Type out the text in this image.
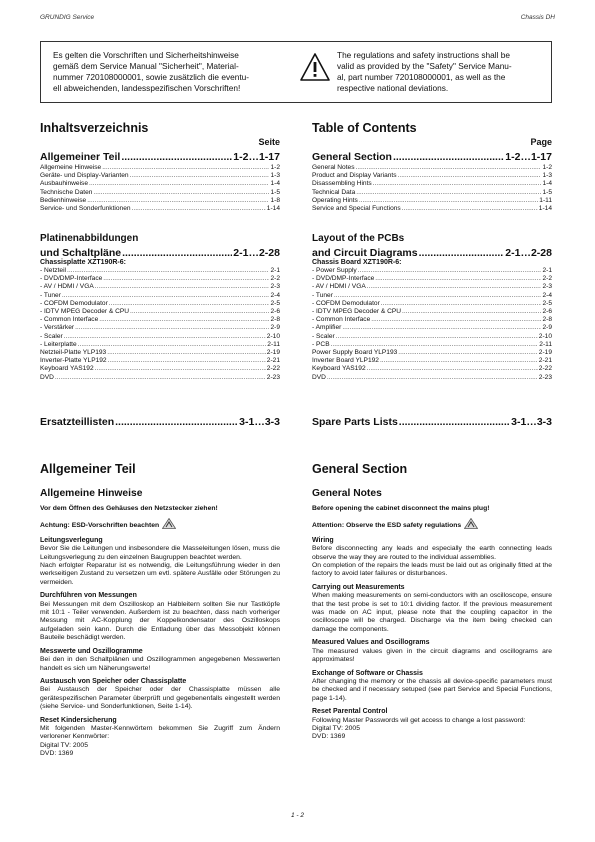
GRUNDIG Service	Chassis DH
Es gelten die Vorschriften und Sicherheitshinweise
gemäß dem Service Manual "Sicherheit", Material-
nummer 720108000001, sowie zusätzlich die eventu-
ell abweichenden, landesspezifischen Vorschriften!
The regulations and safety instructions shall be
valid as provided by the "Safety" Service Manu-
al, part number 720108000001, as well as the
respective national deviations.
Inhaltsverzeichnis
Seite
Allgemeiner Teil .....	1-2…1-17
Allgemeine Hinweise .....	1-2
Geräte- und Display-Varianten .....	1-3
Ausbauhinweise .....	1-4
Technische Daten .....	1-5
Bedienhinweise .....	1-8
Service- und Sonderfunktionen .....	1-14
Platinenabbildungen
und Schaltpläne .....	2-1…2-28
Chassisplatte XZT190R-6:
- Netzteil .....	2-1
- DVD/DMP-Interface .....	2-2
- AV / HDMI / VGA .....	2-3
- Tuner .....	2-4
- COFDM Demodulator .....	2-5
- IDTV MPEG Decoder & CPU .....	2-6
- Common Interface .....	2-8
- Verstärker .....	2-9
- Scaler .....	2-10
- Leiterplatte .....	2-11
Netzteil-Platte YLP193 .....	2-19
Inverter-Platte YLP192 .....	2-21
Keyboard YAS192 .....	2-22
DVD .....	2-23
Ersatzteillisten .....	3-1…3-3
Allgemeiner Teil
Allgemeine Hinweise

Vor dem Öffnen des Gehäuses den Netzstecker ziehen!

Achtung: ESD-Vorschriften beachten

Leitungsverlegung
Bevor Sie die Leitungen und insbesondere die Masseleitungen lösen, muss die Leitungsverlegung zu den einzelnen Baugruppen beachtet werden.
Nach erfolgter Reparatur ist es notwendig, die Leitungsführung wieder in den werkseitigen Zustand zu versetzen um evtl. spätere Ausfälle oder Störungen zu vermeiden.

Durchführen von Messungen
Bei Messungen mit dem Oszilloskop an Halbleitern sollten Sie nur Tastköpfe mit 10:1 - Teiler verwenden. Außerdem ist zu beachten, dass nach vorheriger Messung mit AC-Kopplung der Koppelkondensator des Oszilloskops aufgeladen sein kann. Durch die Entladung über das Messobjekt können Bauteile beschädigt werden.

Messwerte und Oszillogramme
Bei den in den Schaltplänen und Oszillogrammen angegebenen Messwerten handelt es sich um Näherungswerte!

Austausch von Speicher oder Chassisplatte
Bei Austausch der Speicher oder der Chassisplatte müssen alle gerätespezifischen Parameter überprüft und gegebenenfalls eingestellt werden (siehe Service- und Sonderfunktionen, Seite 1-14).

Reset Kindersicherung
Mit folgenden Master-Kennwörtern bekommen Sie Zugriff zum Ändern verlorener Kennwörter:
Digital TV: 2005
DVD: 1369

Table of Contents
Page
General Section .....	1-2…1-17
General Notes .....	1-2
Product and Display Variants .....	1-3
Disassembling Hints .....	1-4
Technical Data .....	1-5
Operating Hints .....	1-11
Service and Special Functions .....	1-14
Layout of the PCBs
and Circuit Diagrams .....	2-1…2-28
Chassis Board XZT190R-6:
- Power Supply .....	2-1
- DVD/DMP-Interface .....	2-2
- AV / HDMI / VGA .....	2-3
- Tuner .....	2-4
- COFDM Demodulator .....	2-5
- IDTV MPEG Decoder & CPU .....	2-6
- Common Interface .....	2-8
- Amplifier .....	2-9
- Scaler .....	2-10
- PCB .....	2-11
Power Supply Board YLP193 .....	2-19
Inverter Board YLP192 .....	2-21
Keyboard YAS192 .....	2-22
DVD .....	2-23
Spare Parts Lists .....	3-1…3-3
General Section
General Notes

Before opening the cabinet disconnect the mains plug!

Attention: Observe the ESD safety regulations

Wiring
Before disconnecting any leads and especially the earth connecting leads observe the way they are routed to the individual assemblies.
On completion of the repairs the leads must be laid out as originally fitted at the factory to avoid later failures or disturbances.

Carrying out Measurements
When making measurements on semi-conductors with an oscilloscope, ensure that the test probe is set to 10:1 dividing factor. If the previous measurement was made on AC input, please note that the coupling capacitor in the oscilloscope will be charged. Discharge via the item being checked can damage the components.

Measured Values and Oscillograms
The measured values given in the circuit diagrams and oscillograms are approximates!

Exchange of Software or Chassis
After changing the memory or the chassis all device-specific parameters must be checked and if necessary setuped (see part Service and Special Functions, page 1-14).

Reset Parental Control
Following Master Passwords wil get access to change a lost password:
Digital TV: 2005
DVD: 1369

1 - 2
